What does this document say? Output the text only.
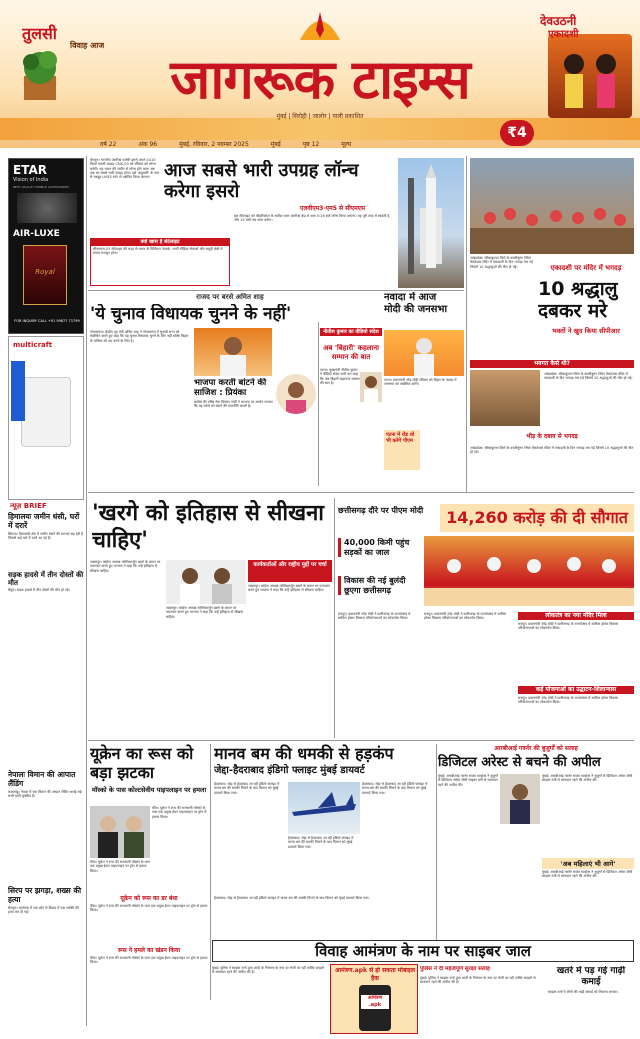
तुलसी
विवाह आज
जागरूक टाइम्स
मुंबई | सिरोही | जालोर | पाली प्रकाशित
देवउठनी
एकादशी
₹4
वर्ष 22	अंक 96	मुंबई, रविवार, 2 नवम्बर 2025	मुंबई	पृष्ठ 12	मूल्य
ETAR
Vision of India
BEST QUALITY MOBILE ACCESSORIES
AIR-LUXE
Royal
FOR INQUIRY CALL +91 99877 71799
multicraft
न्यूज़ BRIEF
हिमालयः जमीन धंसी, घरों में दरारें
शिमला। हिमालयी क्षेत्र में जमीन धंसने की घटनाएं बढ़ रही हैं जिससे कई घरों में दरारें आ गई हैं।
सड़क हादसे में तीन दोस्तों की मौत
बैतूल। सड़क हादसे में तीन दोस्तों की मौत हो गई।
नेपालः विमान की आपात लैंडिंग
काठमांडू। नेपाल में एक विमान की आपात लैंडिंग कराई गई। सभी यात्री सुरक्षित हैं।
सिरप पर झगड़ा, शख्स की हत्या
बेंगलुरु। कर्नाटक में एक छोटे से विवाद में एक व्यक्ति की हत्या कर दी गई।
बेंगलुरु। भारतीय अंतरिक्ष एजेंसी इसरो अपने 4410 किलो वजनी उपग्रह CMS-03 को रविवार को लॉन्च करेगी। यह भारत की जमीन से लॉन्च होने वाला अब तक का सबसे भारी उपग्रह होगा। इसे 'बाहुबली' के नाम से मशहूर LVM3-M5 से प्रक्षेपित किया जाएगा।
क्यों खास है सेटेलाइट
सीएमएस-03 सेटेलाइट की मदद से भारत के डिजिटल नेटवर्क, मल्टी मीडिया सेवाओं और समुद्री क्षेत्रों में संचार मजबूत होगा।
आज सबसे भारी उपग्रह लॉन्च करेगा इसरो
एलवीएम3-एम5 से सीएमएस
इस सैटेलाइट को श्रीहरिकोटा के सतीश धवन अंतरिक्ष केंद्र से शाम 5:26 बजे लॉन्च किया जाएगा। यह पूरी तरह से स्वदेशी है और 15 वर्षों तक काम करेगा।
राजद पर बरसे अमित शाह
'ये चुनाव विधायक चुनने के नहीं'
गोपालगंज। केंद्रीय गृह मंत्री अमित शाह ने गोपालगंज में चुनावी सभा को संबोधित करते हुए कहा कि यह चुनाव विधायक चुनने के लिए नहीं बल्कि बिहार के भविष्य को तय करने के लिए है।
भाजपा करती बांटने की साजिश : प्रियंका
कांग्रेस की वरिष्ठ नेता प्रियंका गांधी ने भाजपा पर आरोप लगाया कि वह लोगों को बांटने की राजनीति करती है।
नीतीश कुमार का वीडियो संदेश
अब 'बिहारी' कहलाना सम्मान की बात
पटना। मुख्यमंत्री नीतीश कुमार ने वीडियो संदेश जारी कर कहा कि अब बिहारी कहलाना सम्मान की बात है।
नवादा में आज मोदी की जनसभा
पटना। प्रधानमंत्री नरेंद्र मोदी रविवार को बिहार के नवादा में जनसभा को संबोधित करेंगे।
पटना में रोड शो भी करेंगे पीएम
आंध्रप्रदेश। श्रीकाकुलम जिले के काशीबुग्गा स्थित वेंकटेश्वर मंदिर में एकादशी के दिन भगदड़ मच गई जिसमें 10 श्रद्धालुओं की मौत हो गई।	एकादशी पर मंदिर में भगदड़
10 श्रद्धालु दबकर मरे
भक्तों ने खुद किया सीपीआर
भवगत कैसे थी?
आंध्रप्रदेश। श्रीकाकुलम जिले के काशीबुग्गा स्थित वेंकटेश्वर मंदिर में एकादशी के दिन भगदड़ मच गई जिसमें 10 श्रद्धालुओं की मौत हो गई।
भीड़ के दबाव से भगदड़
आंध्रप्रदेश। श्रीकाकुलम जिले के काशीबुग्गा स्थित वेंकटेश्वर मंदिर में एकादशी के दिन भगदड़ मच गई जिसमें 10 श्रद्धालुओं की मौत हो गई।
'खरगे को इतिहास से सीखना चाहिए'
जबलपुर। कांग्रेस अध्यक्ष मल्लिकार्जुन खरगे के बयान पर पलटवार करते हुए भाजपा ने कहा कि उन्हें इतिहास से सीखना चाहिए।
कार्यकर्ताओं और राष्ट्रीय मुद्दों पर चर्चा
जबलपुर। कांग्रेस अध्यक्ष मल्लिकार्जुन खरगे के बयान पर पलटवार करते हुए भाजपा ने कहा कि उन्हें इतिहास से सीखना चाहिए।
जबलपुर। कांग्रेस अध्यक्ष मल्लिकार्जुन खरगे के बयान पर पलटवार करते हुए भाजपा ने कहा कि उन्हें इतिहास से सीखना चाहिए।
छत्तीसगढ़ दौरे पर पीएम मोदी	14,260 करोड़ की दी सौगात
40,000 किमी पहुंच सड़कों का जाल
विकास की नई बुलंदी छूएगा छत्तीसगढ़
रायपुर। प्रधानमंत्री नरेंद्र मोदी ने छत्तीसगढ़ के राज्योत्सव में शामिल होकर विकास परियोजनाओं का लोकार्पण किया।
रायपुर। प्रधानमंत्री नरेंद्र मोदी ने छत्तीसगढ़ के राज्योत्सव में शामिल होकर विकास परियोजनाओं का लोकार्पण किया।	लोकतंत्र का नया मंदिर मिला
रायपुर। प्रधानमंत्री नरेंद्र मोदी ने छत्तीसगढ़ के राज्योत्सव में शामिल होकर विकास परियोजनाओं का लोकार्पण किया।
कई योजनाओं का उद्घाटन-शिलान्यास
रायपुर। प्रधानमंत्री नरेंद्र मोदी ने छत्तीसगढ़ के राज्योत्सव में शामिल होकर विकास परियोजनाओं का लोकार्पण किया।
यूक्रेन का रूस को बड़ा झटका
मॉस्को के पास कोल्टसेवीय पाइपलाइन पर हमला
कीव। यूक्रेन ने रूस की राजधानी मॉस्को के पास एक प्रमुख ईंधन पाइपलाइन पर ड्रोन से हमला किया।
कीव। यूक्रेन ने रूस की राजधानी मॉस्को के पास एक प्रमुख ईंधन पाइपलाइन पर ड्रोन से हमला किया।
यूक्रेन को रूस का डर बंधा
कीव। यूक्रेन ने रूस की राजधानी मॉस्को के पास एक प्रमुख ईंधन पाइपलाइन पर ड्रोन से हमला किया।
रूस ने हमले का खंडन किया
कीव। यूक्रेन ने रूस की राजधानी मॉस्को के पास एक प्रमुख ईंधन पाइपलाइन पर ड्रोन से हमला किया।
मानव बम की धमकी से हड़कंप
जेद्दा-हैदराबाद इंडिगो फ्लाइट मुंबई डायवर्ट
हैदराबाद। जेद्दा से हैदराबाद आ रही इंडिगो फ्लाइट में मानव बम की धमकी मिलने के बाद विमान को मुंबई डायवर्ट किया गया।
हैदराबाद। जेद्दा से हैदराबाद आ रही इंडिगो फ्लाइट में मानव बम की धमकी मिलने के बाद विमान को मुंबई डायवर्ट किया गया।
हैदराबाद। जेद्दा से हैदराबाद आ रही इंडिगो फ्लाइट में मानव बम की धमकी मिलने के बाद विमान को मुंबई डायवर्ट किया गया।
हैदराबाद। जेद्दा से हैदराबाद आ रही इंडिगो फ्लाइट में मानव बम की धमकी मिलने के बाद विमान को मुंबई डायवर्ट किया गया।
आरबीआई गवर्नर की बुजुर्गों को सलाह
डिजिटल अरेस्ट से बचने की अपील
मुंबई। आरबीआई गवर्नर संजय मल्होत्रा ने बुजुर्गों से डिजिटल अरेस्ट जैसी साइबर ठगी से सावधान रहने की अपील की।
मुंबई। आरबीआई गवर्नर संजय मल्होत्रा ने बुजुर्गों से डिजिटल अरेस्ट जैसी साइबर ठगी से सावधान रहने की अपील की।
'अब महिलाएं भी आगे'
मुंबई। आरबीआई गवर्नर संजय मल्होत्रा ने बुजुर्गों से डिजिटल अरेस्ट जैसी साइबर ठगी से सावधान रहने की अपील की।
विवाह आमंत्रण के नाम पर साइबर जाल
आमंत्रण.apk से हो सकता मोबाइल हैक
आमंत्रण .apk
मुंबई। पुलिस ने साइबर ठगों द्वारा शादी के निमंत्रण के नाम पर भेजी जा रही एपीके फाइलों से सावधान रहने की अपील की है।
पुलिस ने दी महत्वपूर्ण सुरक्षा सलाह
मुंबई। पुलिस ने साइबर ठगों द्वारा शादी के निमंत्रण के नाम पर भेजी जा रही एपीके फाइलों से सावधान रहने की अपील की है।
खतरे में पड़ गई गाढ़ी कमाई
साइबर ठगों ने लोगों की गाढ़ी कमाई को निशाना बनाया।
